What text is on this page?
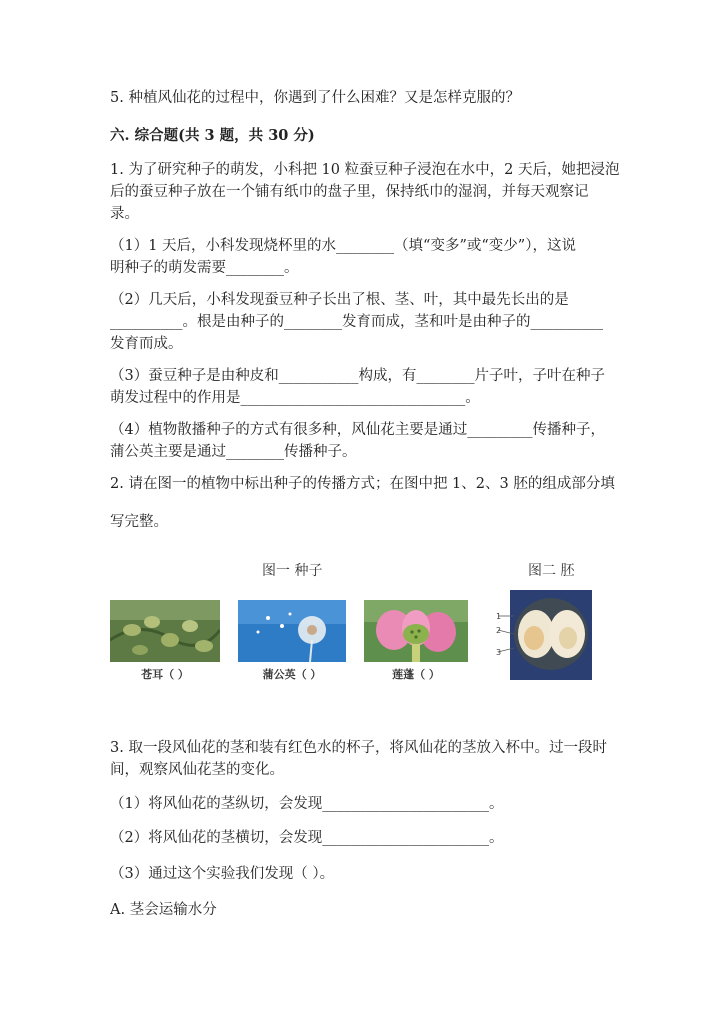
5. 种植风仙花的过程中，你遇到了什么困难？又是怎样克服的？
六. 综合题(共 3 题，共 30 分)
1. 为了研究种子的萌发，小科把 10 粒蚕豆种子浸泡在水中，2 天后，她把浸泡
后的蚕豆种子放在一个铺有纸巾的盘子里，保持纸巾的湿润，并每天观察记
录。
（1）1 天后，小科发现烧杯里的水________（填“变多”或“变少”），这说
明种子的萌发需要________。
（2）几天后，小科发现蚕豆种子长出了根、茎、叶，其中最先长出的是
__________。根是由种子的________发育而成，茎和叶是由种子的__________
发育而成。
（3）蚕豆种子是由种皮和___________构成，有________片子叶，子叶在种子
萌发过程中的作用是_______________________________。
（4）植物散播种子的方式有很多种，风仙花主要是通过_________传播种子，
蒲公英主要是通过________传播种子。
2. 请在图一的植物中标出种子的传播方式；在图中把 1、2、3 胚的组成部分填
写完整。
图一 种子	图二 胚
苍耳（ ）	蒲公英（ ）	莲蓬（ ）
1
2
3
3. 取一段风仙花的茎和装有红色水的杯子，将风仙花的茎放入杯中。过一段时
间，观察风仙花茎的变化。
（1）将风仙花的茎纵切，会发现_______________________。
（2）将风仙花的茎横切，会发现_______________________。
（3）通过这个实验我们发现（ ）。
A. 茎会运输水分
